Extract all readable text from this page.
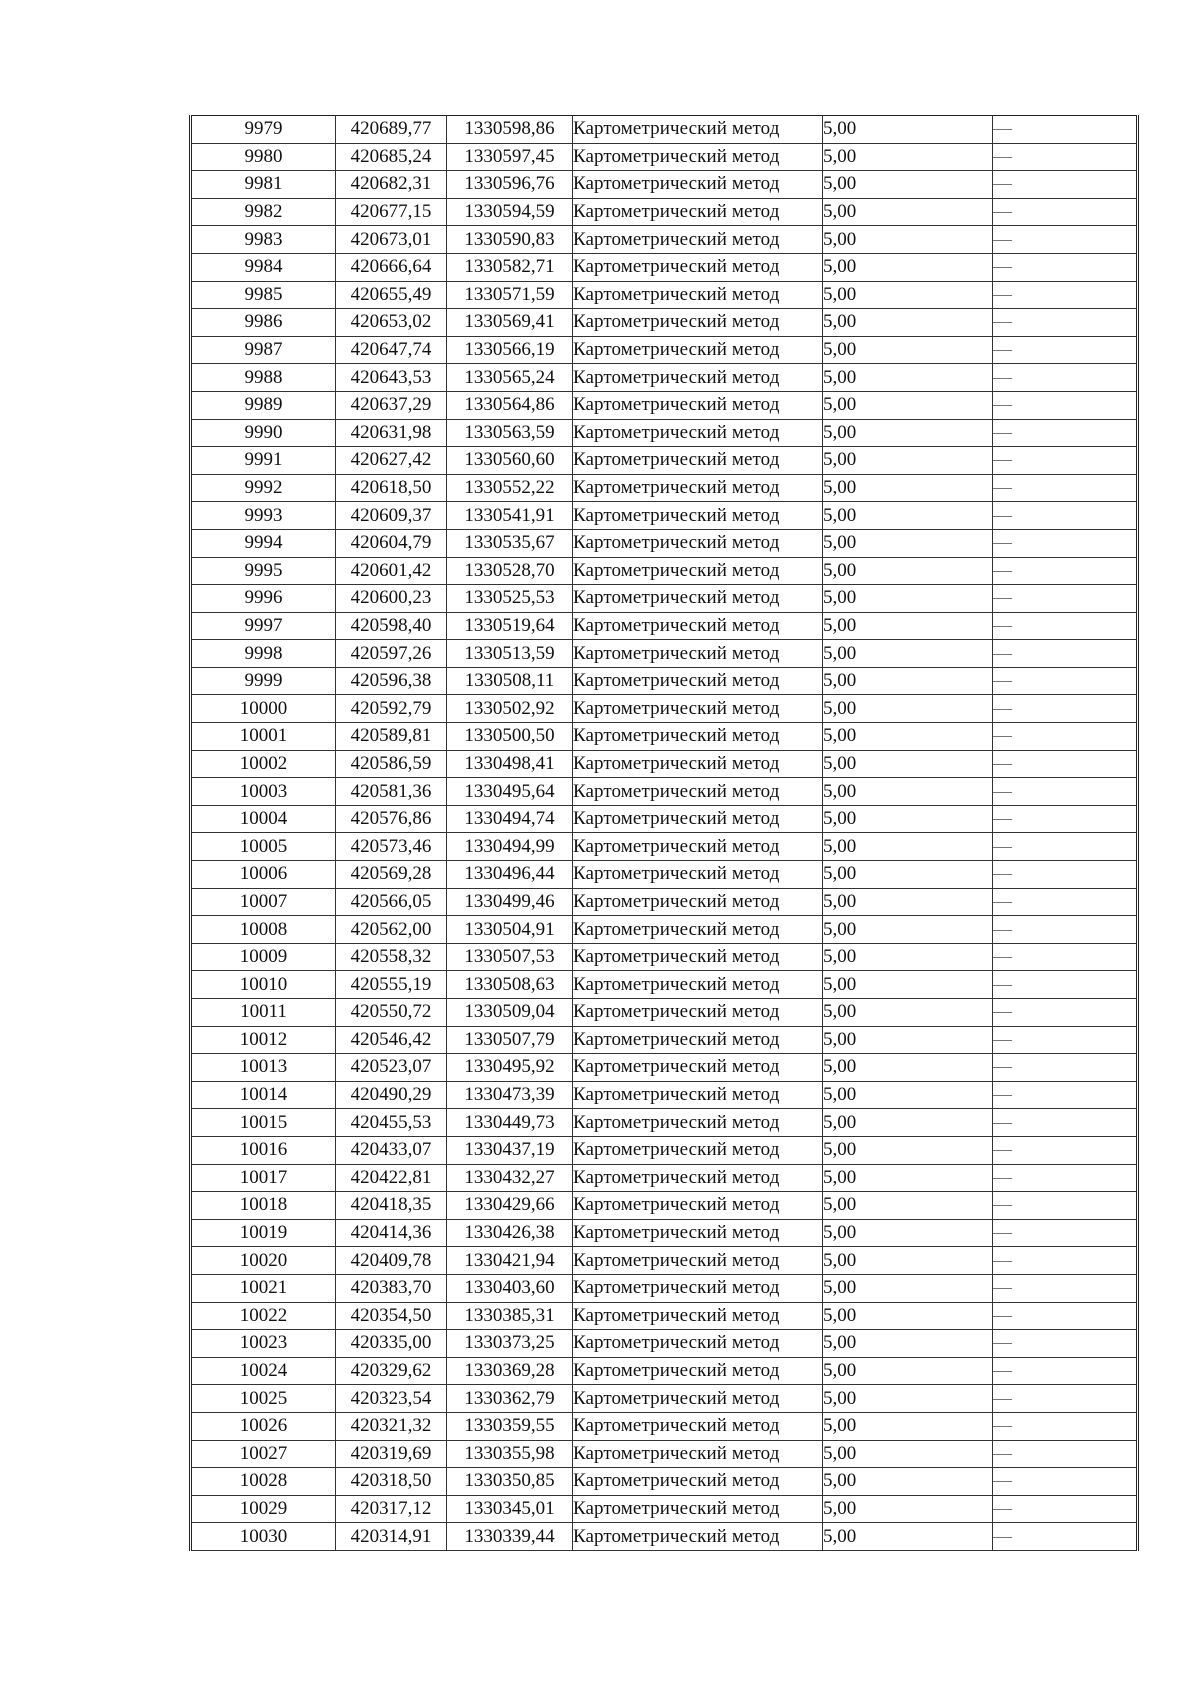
9979	420689,77	1330598,86	Картометрический метод	5,00	—
9980	420685,24	1330597,45	Картометрический метод	5,00	—
9981	420682,31	1330596,76	Картометрический метод	5,00	—
9982	420677,15	1330594,59	Картометрический метод	5,00	—
9983	420673,01	1330590,83	Картометрический метод	5,00	—
9984	420666,64	1330582,71	Картометрический метод	5,00	—
9985	420655,49	1330571,59	Картометрический метод	5,00	—
9986	420653,02	1330569,41	Картометрический метод	5,00	—
9987	420647,74	1330566,19	Картометрический метод	5,00	—
9988	420643,53	1330565,24	Картометрический метод	5,00	—
9989	420637,29	1330564,86	Картометрический метод	5,00	—
9990	420631,98	1330563,59	Картометрический метод	5,00	—
9991	420627,42	1330560,60	Картометрический метод	5,00	—
9992	420618,50	1330552,22	Картометрический метод	5,00	—
9993	420609,37	1330541,91	Картометрический метод	5,00	—
9994	420604,79	1330535,67	Картометрический метод	5,00	—
9995	420601,42	1330528,70	Картометрический метод	5,00	—
9996	420600,23	1330525,53	Картометрический метод	5,00	—
9997	420598,40	1330519,64	Картометрический метод	5,00	—
9998	420597,26	1330513,59	Картометрический метод	5,00	—
9999	420596,38	1330508,11	Картометрический метод	5,00	—
10000	420592,79	1330502,92	Картометрический метод	5,00	—
10001	420589,81	1330500,50	Картометрический метод	5,00	—
10002	420586,59	1330498,41	Картометрический метод	5,00	—
10003	420581,36	1330495,64	Картометрический метод	5,00	—
10004	420576,86	1330494,74	Картометрический метод	5,00	—
10005	420573,46	1330494,99	Картометрический метод	5,00	—
10006	420569,28	1330496,44	Картометрический метод	5,00	—
10007	420566,05	1330499,46	Картометрический метод	5,00	—
10008	420562,00	1330504,91	Картометрический метод	5,00	—
10009	420558,32	1330507,53	Картометрический метод	5,00	—
10010	420555,19	1330508,63	Картометрический метод	5,00	—
10011	420550,72	1330509,04	Картометрический метод	5,00	—
10012	420546,42	1330507,79	Картометрический метод	5,00	—
10013	420523,07	1330495,92	Картометрический метод	5,00	—
10014	420490,29	1330473,39	Картометрический метод	5,00	—
10015	420455,53	1330449,73	Картометрический метод	5,00	—
10016	420433,07	1330437,19	Картометрический метод	5,00	—
10017	420422,81	1330432,27	Картометрический метод	5,00	—
10018	420418,35	1330429,66	Картометрический метод	5,00	—
10019	420414,36	1330426,38	Картометрический метод	5,00	—
10020	420409,78	1330421,94	Картометрический метод	5,00	—
10021	420383,70	1330403,60	Картометрический метод	5,00	—
10022	420354,50	1330385,31	Картометрический метод	5,00	—
10023	420335,00	1330373,25	Картометрический метод	5,00	—
10024	420329,62	1330369,28	Картометрический метод	5,00	—
10025	420323,54	1330362,79	Картометрический метод	5,00	—
10026	420321,32	1330359,55	Картометрический метод	5,00	—
10027	420319,69	1330355,98	Картометрический метод	5,00	—
10028	420318,50	1330350,85	Картометрический метод	5,00	—
10029	420317,12	1330345,01	Картометрический метод	5,00	—
10030	420314,91	1330339,44	Картометрический метод	5,00	—
